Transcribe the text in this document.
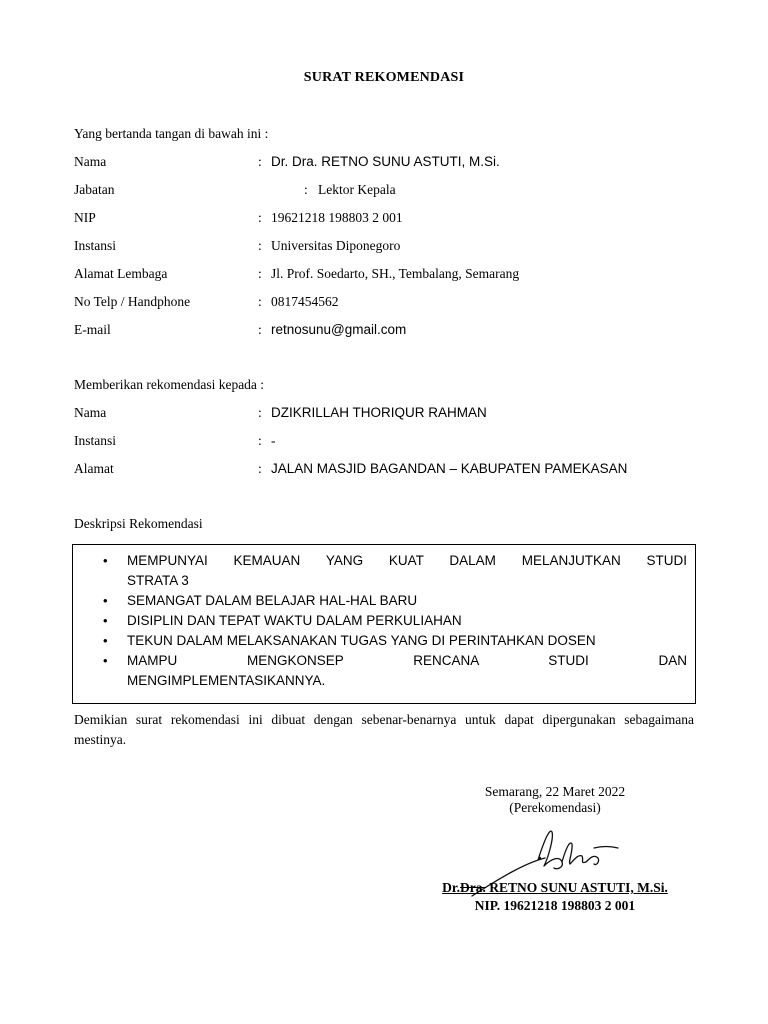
SURAT REKOMENDASI
Yang bertanda tangan di bawah ini :
Nama	: Dr. Dra. RETNO SUNU ASTUTI, M.Si.
Jabatan	: Lektor Kepala
NIP	: 19621218 198803 2 001
Instansi	: Universitas Diponegoro
Alamat Lembaga	: Jl. Prof. Soedarto, SH., Tembalang, Semarang
No Telp / Handphone	: 0817454562
E-mail	: retnosunu@gmail.com
Memberikan rekomendasi kepada :
Nama	: DZIKRILLAH THORIQUR RAHMAN
Instansi	: -
Alamat	: JALAN MASJID BAGANDAN – KABUPATEN PAMEKASAN
Deskripsi Rekomendasi
• MEMPUNYAI KEMAUAN YANG KUAT DALAM MELANJUTKAN STUDI
STRATA 3
• SEMANGAT DALAM BELAJAR HAL-HAL BARU
• DISIPLIN DAN TEPAT WAKTU DALAM PERKULIAHAN
• TEKUN DALAM MELAKSANAKAN TUGAS YANG DI PERINTAHKAN DOSEN
• MAMPU MENGKONSEP RENCANA STUDI DAN
MENGIMPLEMENTASIKANNYA.
Demikian surat rekomendasi ini dibuat dengan sebenar-benarnya untuk dapat dipergunakan sebagaimana mestinya.
Semarang, 22 Maret 2022
(Perekomendasi)
Dr.Dra. RETNO SUNU ASTUTI, M.Si.
NIP. 19621218 198803 2 001
